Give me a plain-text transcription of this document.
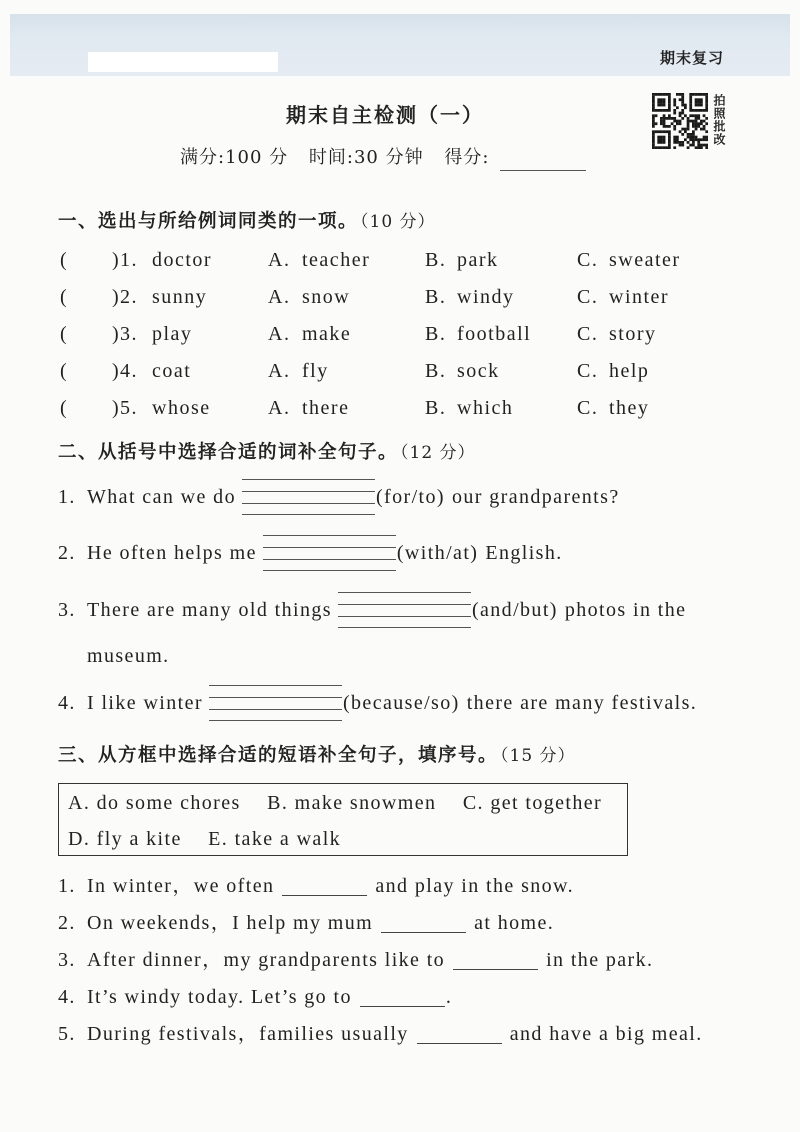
期末复习
期末自主检测（一）	拍照批改
满分:100 分 时间:30 分钟 得分:
一、选出与所给例词同类的一项。 （10 分）
( ) 1. doctor	A. teacher	B. park	C. sweater
( ) 2. sunny	A. snow	B. windy	C. winter
( ) 3. play	A. make	B. football C. story
( ) 4. coat	A. fly	B. sock	C. help
( ) 5. whose	A. there	B. which	C. they
二、从括号中选择合适的词补全句子。 （12 分）
1. What can we do	(for/to) our grandparents?
2. He often helps me	(with/at) English.
3. There are many old things	(and/but) photos in the
museum.
4. I like winter	(because/so) there are many festivals.
三、从方框中选择合适的短语补全句子，填序号。 （15 分）
A. do some chores B. make snowmen C. get together
D. fly a kite E. take a walk
1. In winter，we often	and play in the snow.
2. On weekends，I help my mum	at home.
3. After dinner，my grandparents like to	in the park.
4. It’s windy today. Let’s go to	.
5. During festivals，families usually	and have a big meal.
